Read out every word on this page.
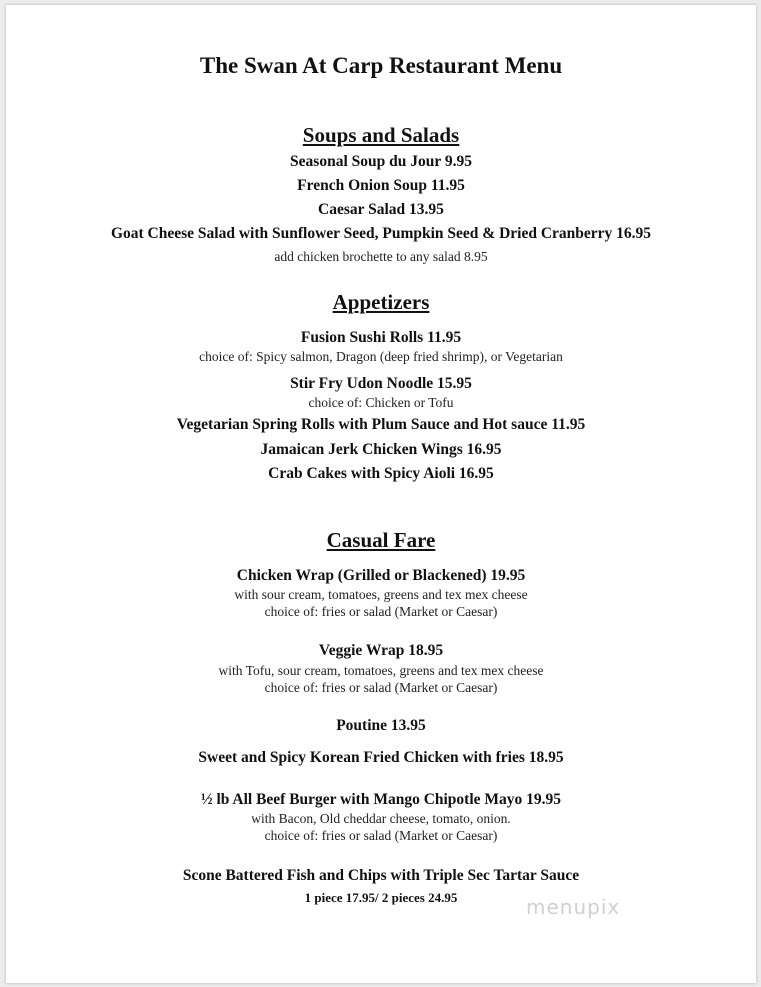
The Swan At Carp Restaurant Menu
Soups and Salads
Seasonal Soup du Jour 9.95
French Onion Soup 11.95
Caesar Salad 13.95
Goat Cheese Salad with Sunflower Seed, Pumpkin Seed & Dried Cranberry 16.95
add chicken brochette to any salad 8.95
Appetizers
Fusion Sushi Rolls 11.95
choice of: Spicy salmon, Dragon (deep fried shrimp), or Vegetarian
Stir Fry Udon Noodle 15.95
choice of: Chicken or Tofu
Vegetarian Spring Rolls with Plum Sauce and Hot sauce 11.95
Jamaican Jerk Chicken Wings 16.95
Crab Cakes with Spicy Aioli 16.95
Casual Fare
Chicken Wrap (Grilled or Blackened) 19.95
with sour cream, tomatoes, greens and tex mex cheese
choice of: fries or salad (Market or Caesar)
Veggie Wrap 18.95
with Tofu, sour cream, tomatoes, greens and tex mex cheese
choice of: fries or salad (Market or Caesar)
Poutine 13.95
Sweet and Spicy Korean Fried Chicken with fries 18.95
½ lb All Beef Burger with Mango Chipotle Mayo 19.95
with Bacon, Old cheddar cheese, tomato, onion.
choice of: fries or salad (Market or Caesar)
Scone Battered Fish and Chips with Triple Sec Tartar Sauce
1 piece 17.95/ 2 pieces 24.95	menupix
